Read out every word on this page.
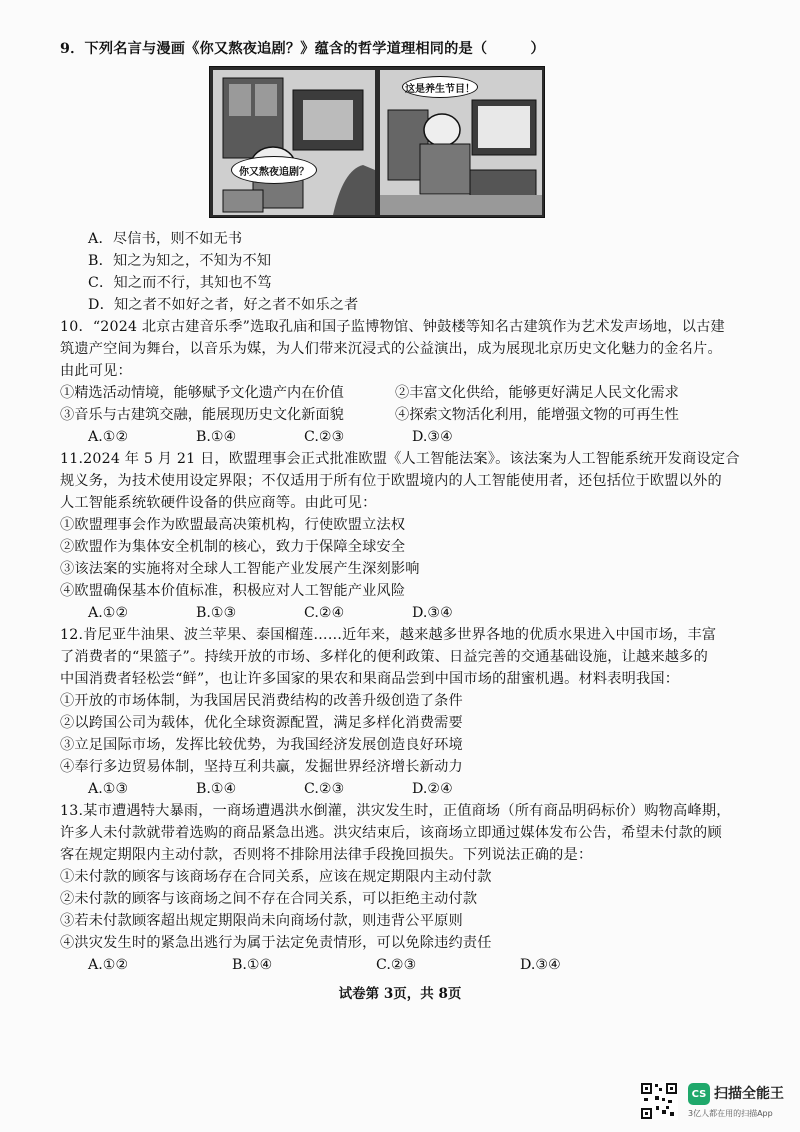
9．下列名言与漫画《你又熬夜追剧？》蕴含的哲学道理相同的是（　　　）
你又熬夜追剧？
这是养生节目！
A．尽信书，则不如无书
B．知之为知之，不知为不知
C．知之而不行，其知也不笃
D．知之者不如好之者，好之者不如乐之者
10．“2024 北京古建音乐季”选取孔庙和国子监博物馆、钟鼓楼等知名古建筑作为艺术发声场地，以古建
筑遗产空间为舞台，以音乐为媒，为人们带来沉浸式的公益演出，成为展现北京历史文化魅力的金名片。
由此可见：
①精选活动情境，能够赋予文化遗产内在价值	②丰富文化供给，能够更好满足人民文化需求
③音乐与古建筑交融，能展现历史文化新面貌	④探索文物活化利用，能增强文物的可再生性
A.①②	B.①④	C.②③	D.③④
11.2024 年 5 月 21 日，欧盟理事会正式批准欧盟《人工智能法案》。该法案为人工智能系统开发商设定合
规义务，为技术使用设定界限；不仅适用于所有位于欧盟境内的人工智能使用者，还包括位于欧盟以外的
人工智能系统软硬件设备的供应商等。由此可见：
①欧盟理事会作为欧盟最高决策机构，行使欧盟立法权
②欧盟作为集体安全机制的核心，致力于保障全球安全
③该法案的实施将对全球人工智能产业发展产生深刻影响
④欧盟确保基本价值标准，积极应对人工智能产业风险
A.①②	B.①③	C.②④	D.③④
12.肯尼亚牛油果、波兰苹果、泰国榴莲……近年来，越来越多世界各地的优质水果进入中国市场，丰富
了消费者的“果篮子”。持续开放的市场、多样化的便利政策、日益完善的交通基础设施，让越来越多的
中国消费者轻松尝“鲜”，也让许多国家的果农和果商品尝到中国市场的甜蜜机遇。材料表明我国：
①开放的市场体制，为我国居民消费结构的改善升级创造了条件
②以跨国公司为载体，优化全球资源配置，满足多样化消费需要
③立足国际市场，发挥比较优势，为我国经济发展创造良好环境
④奉行多边贸易体制，坚持互利共赢，发掘世界经济增长新动力
A.①③	B.①④	C.②③	D.②④
13.某市遭遇特大暴雨，一商场遭遇洪水倒灌，洪灾发生时，正值商场（所有商品明码标价）购物高峰期，
许多人未付款就带着选购的商品紧急出逃。洪灾结束后，该商场立即通过媒体发布公告，希望未付款的顾
客在规定期限内主动付款，否则将不排除用法律手段挽回损失。下列说法正确的是：
①未付款的顾客与该商场存在合同关系，应该在规定期限内主动付款
②未付款的顾客与该商场之间不存在合同关系，可以拒绝主动付款
③若未付款顾客超出规定期限尚未向商场付款，则违背公平原则
④洪灾发生时的紧急出逃行为属于法定免责情形，可以免除违约责任
A.①②	B.①④	C.②③	D.③④
试卷第 3页，共 8页
CS 扫描全能王
3亿人都在用的扫描App
